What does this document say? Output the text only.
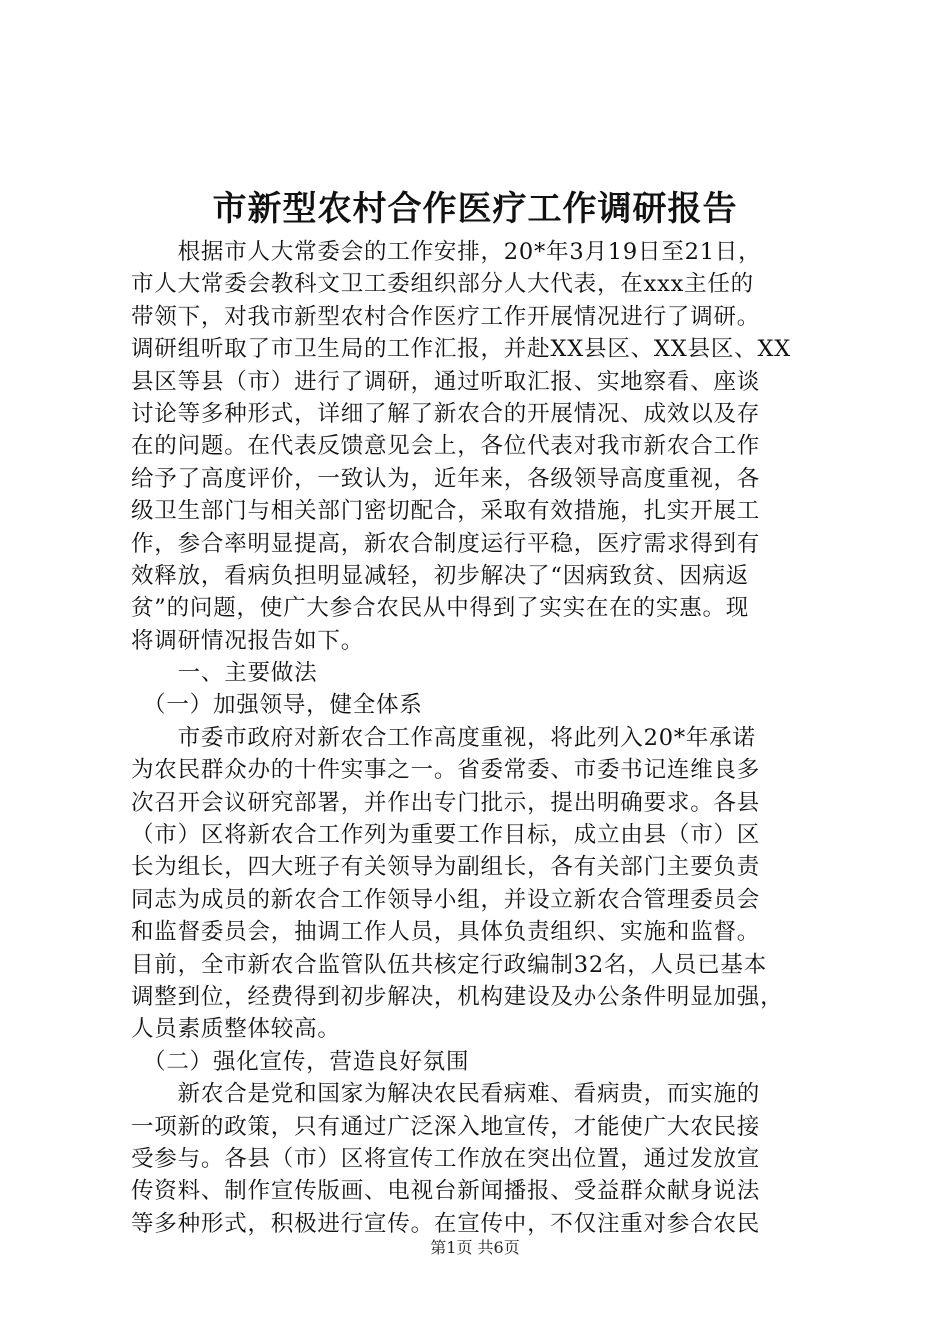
市新型农村合作医疗工作调研报告
　　根据市人大常委会的工作安排，20*年3月19日至21日，
市人大常委会教科文卫工委组织部分人大代表，在xxx主任的
带领下，对我市新型农村合作医疗工作开展情况进行了调研。
调研组听取了市卫生局的工作汇报，并赴XX县区、XX县区、XX
县区等县（市）进行了调研，通过听取汇报、实地察看、座谈
讨论等多种形式，详细了解了新农合的开展情况、成效以及存
在的问题。在代表反馈意见会上，各位代表对我市新农合工作
给予了高度评价，一致认为，近年来，各级领导高度重视，各
级卫生部门与相关部门密切配合，采取有效措施，扎实开展工
作，参合率明显提高，新农合制度运行平稳，医疗需求得到有
效释放，看病负担明显减轻，初步解决了“因病致贫、因病返
贫”的问题，使广大参合农民从中得到了实实在在的实惠。现
将调研情况报告如下。
　　一、主要做法
　（一）加强领导，健全体系
　　市委市政府对新农合工作高度重视，将此列入20*年承诺
为农民群众办的十件实事之一。省委常委、市委书记连维良多
次召开会议研究部署，并作出专门批示，提出明确要求。各县
（市）区将新农合工作列为重要工作目标，成立由县（市）区
长为组长，四大班子有关领导为副组长，各有关部门主要负责
同志为成员的新农合工作领导小组，并设立新农合管理委员会
和监督委员会，抽调工作人员，具体负责组织、实施和监督。
目前，全市新农合监管队伍共核定行政编制32名，人员已基本
调整到位，经费得到初步解决，机构建设及办公条件明显加强，
人员素质整体较高。
　（二）强化宣传，营造良好氛围
　　新农合是党和国家为解决农民看病难、看病贵，而实施的
一项新的政策，只有通过广泛深入地宣传，才能使广大农民接
受参与。各县（市）区将宣传工作放在突出位置，通过发放宣
传资料、制作宣传版画、电视台新闻播报、受益群众献身说法
等多种形式，积极进行宣传。在宣传中，不仅注重对参合农民
第1页 共6页
